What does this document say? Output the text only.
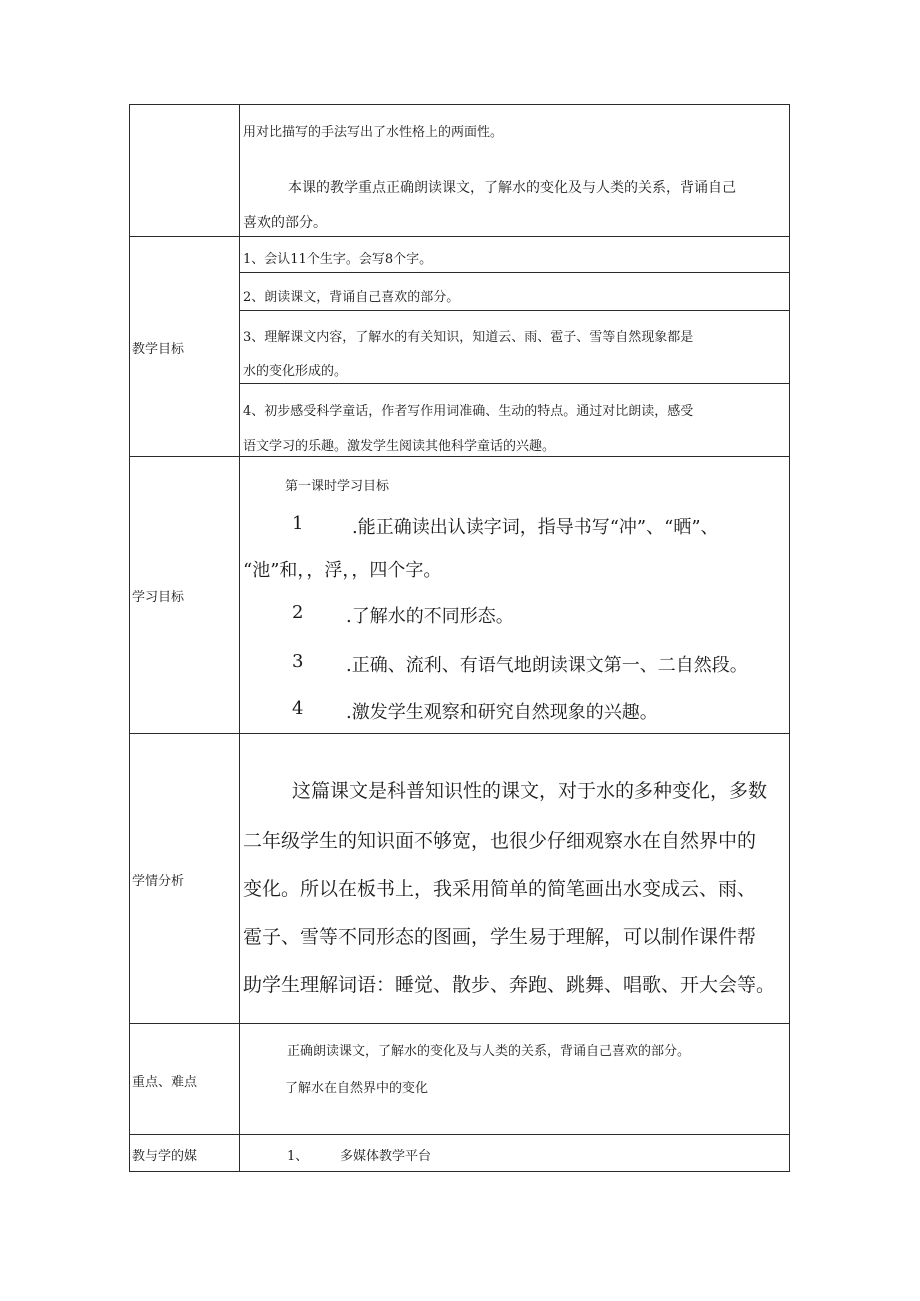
用对比描写的手法写出了水性格上的两面性。

本课的教学重点正确朗读课文，了解水的变化及与人类的关系，背诵自己

喜欢的部分。

教学目标

1、会认11个生字。会写8个字。

2、朗读课文，背诵自己喜欢的部分。

3、理解课文内容，了解水的有关知识，知道云、雨、雹子、雪等自然现象都是

水的变化形成的。

4、初步感受科学童话，作者写作用词准确、生动的特点。通过对比朗读，感受

语文学习的乐趣。激发学生阅读其他科学童话的兴趣。

学习目标

第一课时学习目标

1	.能正确读出认读字词，指导书写“冲”、“晒”、
“池”和，，浮，，四个字。
2 .了解水的不同形态。
3 .正确、流利、有语气地朗读课文第一、二自然段。
4 .激发学生观察和研究自然现象的兴趣。

学情分析

这篇课文是科普知识性的课文，对于水的多种变化，多数

二年级学生的知识面不够宽，也很少仔细观察水在自然界中的

变化。所以在板书上，我采用简单的简笔画出水变成云、雨、

雹子、雪等不同形态的图画，学生易于理解，可以制作课件帮

助学生理解词语：睡觉、散步、奔跑、跳舞、唱歌、开大会等。

重点、难点

正确朗读课文，了解水的变化及与人类的关系，背诵自己喜欢的部分。

了解水在自然界中的变化

教与学的媒	1、 多媒体教学平台
